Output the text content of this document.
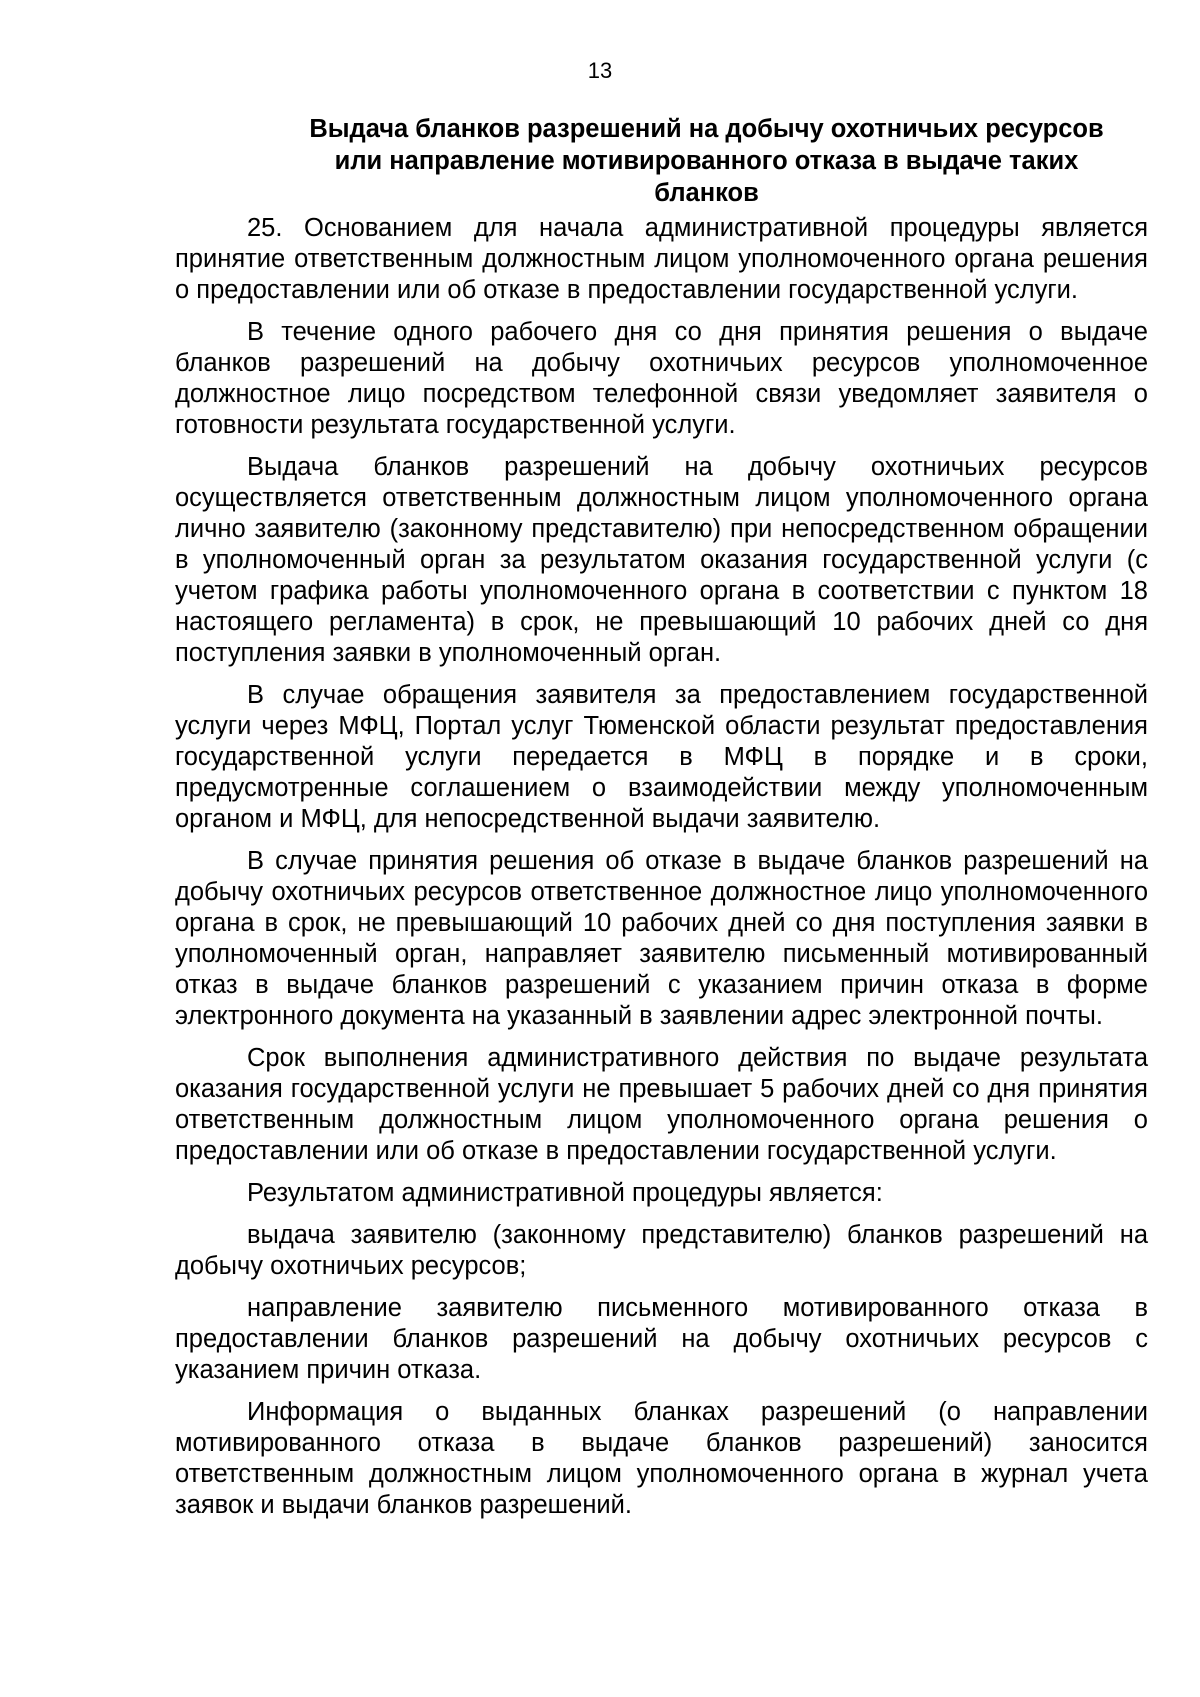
13
Выдача бланков разрешений на добычу охотничьих ресурсов
или направление мотивированного отказа в выдаче таких
бланков

25. Основанием для начала административной процедуры является принятие ответственным должностным лицом уполномоченного органа решения о предоставлении или об отказе в предоставлении государственной услуги.

В течение одного рабочего дня со дня принятия решения о выдаче бланков разрешений на добычу охотничьих ресурсов уполномоченное должностное лицо посредством телефонной связи уведомляет заявителя о готовности результата государственной услуги.

Выдача бланков разрешений на добычу охотничьих ресурсов осуществляется ответственным должностным лицом уполномоченного органа лично заявителю (законному представителю) при непосредственном обращении в уполномоченный орган за результатом оказания государственной услуги (с учетом графика работы уполномоченного органа в соответствии с пунктом 18 настоящего регламента) в срок, не превышающий 10 рабочих дней со дня поступления заявки в уполномоченный орган.

В случае обращения заявителя за предоставлением государственной услуги через МФЦ, Портал услуг Тюменской области результат предоставления государственной услуги передается в МФЦ в порядке и в сроки, предусмотренные соглашением о взаимодействии между уполномоченным органом и МФЦ, для непосредственной выдачи заявителю.

В случае принятия решения об отказе в выдаче бланков разрешений на добычу охотничьих ресурсов ответственное должностное лицо уполномоченного органа в срок, не превышающий 10 рабочих дней со дня поступления заявки в уполномоченный орган, направляет заявителю письменный мотивированный отказ в выдаче бланков разрешений с указанием причин отказа в форме электронного документа на указанный в заявлении адрес электронной почты.

Срок выполнения административного действия по выдаче результата оказания государственной услуги не превышает 5 рабочих дней со дня принятия ответственным должностным лицом уполномоченного органа решения о предоставлении или об отказе в предоставлении государственной услуги.

Результатом административной процедуры является:

выдача заявителю (законному представителю) бланков разрешений на добычу охотничьих ресурсов;

направление заявителю письменного мотивированного отказа в предоставлении бланков разрешений на добычу охотничьих ресурсов с указанием причин отказа.

Информация о выданных бланках разрешений (о направлении мотивированного отказа в выдаче бланков разрешений) заносится ответственным должностным лицом уполномоченного органа в журнал учета заявок и выдачи бланков разрешений.
